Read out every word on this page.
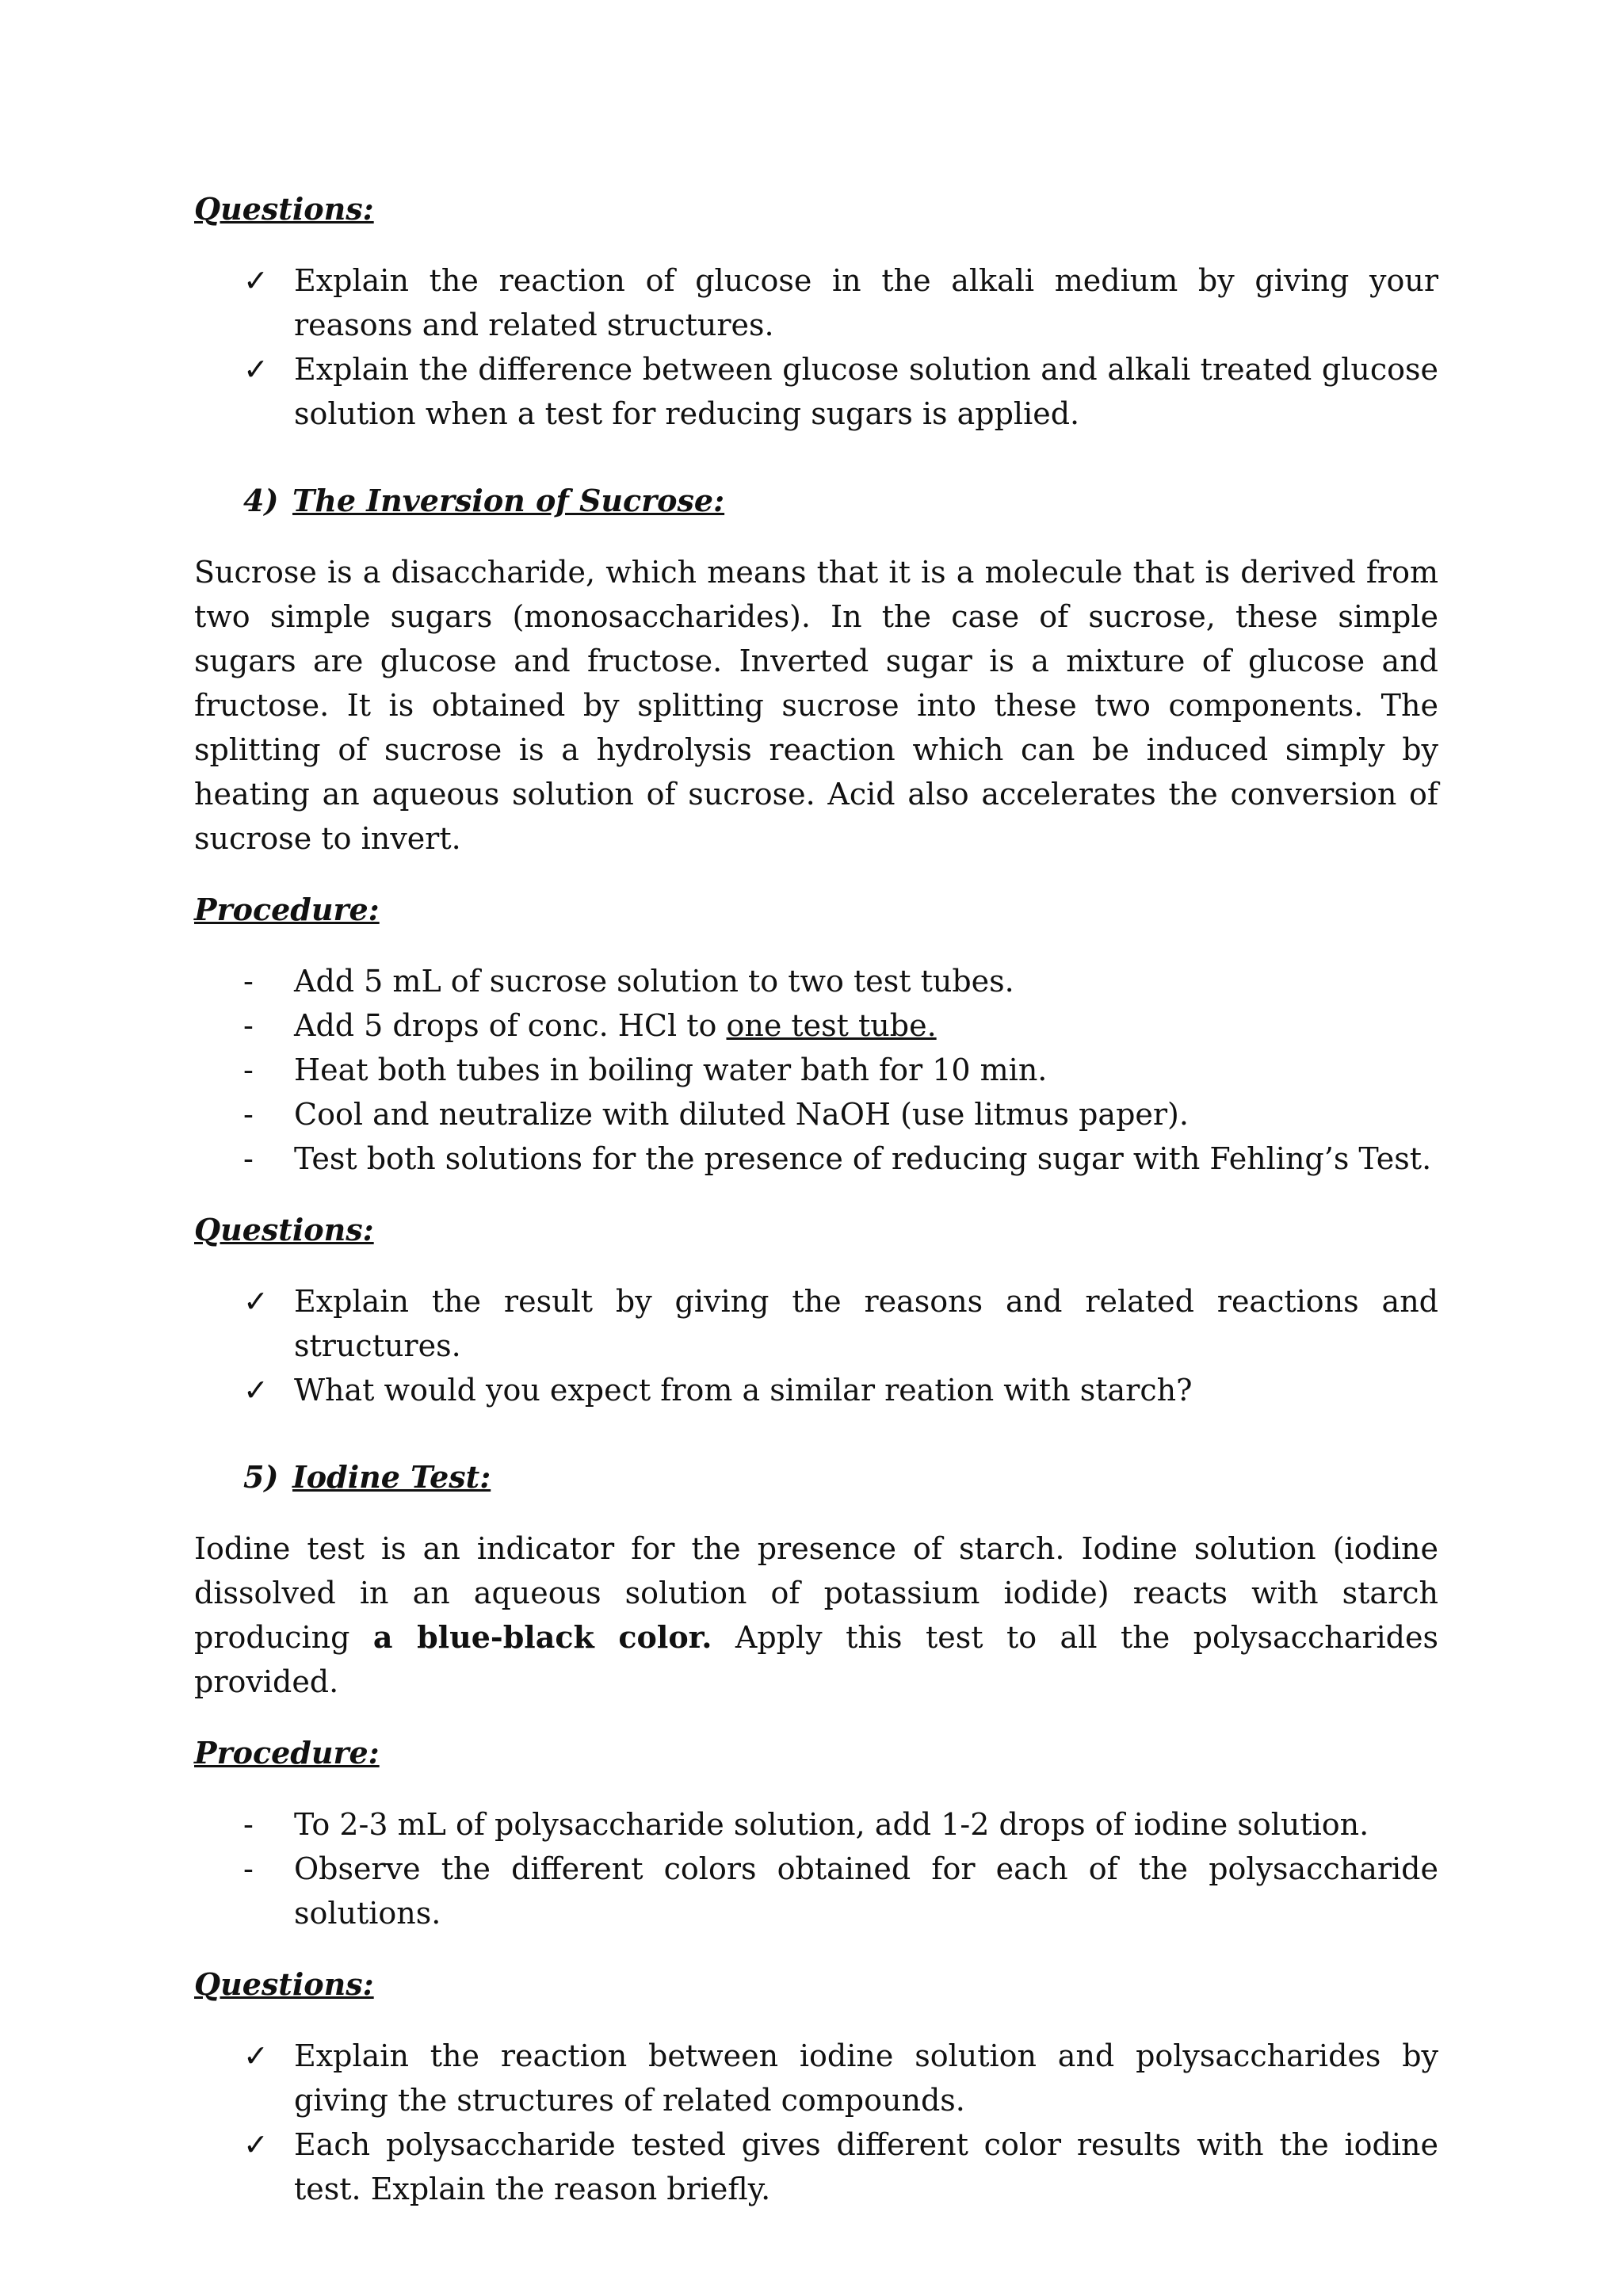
Questions:

✓ Explain the reaction of glucose in the alkali medium by giving your reasons and related structures.
✓ Explain the difference between glucose solution and alkali treated glucose solution when a test for reducing sugars is applied.

4) The Inversion of Sucrose:

Sucrose is a disaccharide, which means that it is a molecule that is derived from two simple sugars (monosaccharides). In the case of sucrose, these simple sugars are glucose and fructose. Inverted sugar is a mixture of glucose and fructose. It is obtained by splitting sucrose into these two components. The splitting of sucrose is a hydrolysis reaction which can be induced simply by heating an aqueous solution of sucrose. Acid also accelerates the conversion of sucrose to invert.

Procedure:

-	Add 5 mL of sucrose solution to two test tubes.
-	Add 5 drops of conc. HCl to one test tube.
-	Heat both tubes in boiling water bath for 10 min.
-	Cool and neutralize with diluted NaOH (use litmus paper).
-	Test both solutions for the presence of reducing sugar with Fehling’s Test.

Questions:

✓ Explain the result by giving the reasons and related reactions and structures.
✓ What would you expect from a similar reation with starch?

5) Iodine Test:

Iodine test is an indicator for the presence of starch. Iodine solution (iodine dissolved in an aqueous solution of potassium iodide) reacts with starch producing a blue-black color. Apply this test to all the polysaccharides provided.

Procedure:

-	To 2-3 mL of polysaccharide solution, add 1-2 drops of iodine solution.
-	Observe the different colors obtained for each of the polysaccharide solutions.

Questions:

✓ Explain the reaction between iodine solution and polysaccharides by giving the structures of related compounds.
✓ Each polysaccharide tested gives different color results with the iodine test. Explain the reason briefly.
